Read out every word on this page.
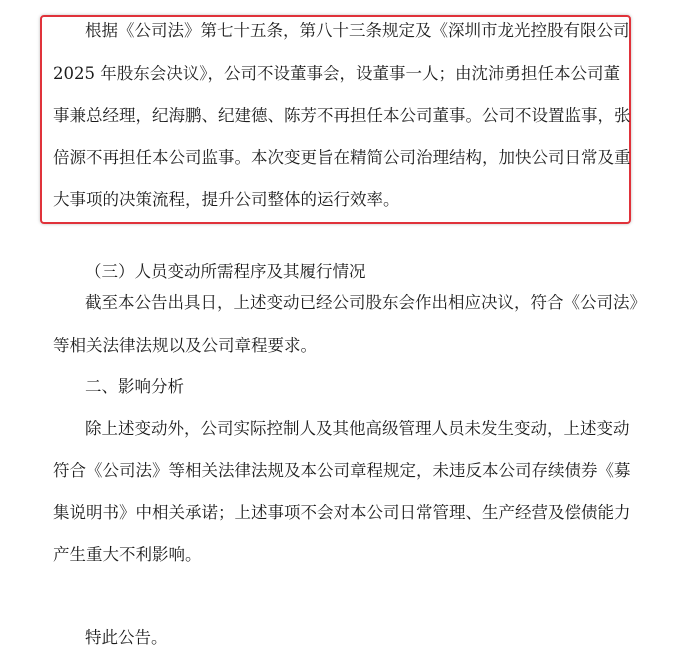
根据《公司法》第七十五条，第八十三条规定及《深圳市龙光控股有限公司
2025 年股东会决议》，公司不设董事会，设董事一人；由沈沛勇担任本公司董
事兼总经理，纪海鹏、纪建德、陈芳不再担任本公司董事。公司不设置监事，张
倍源不再担任本公司监事。本次变更旨在精简公司治理结构，加快公司日常及重
大事项的决策流程，提升公司整体的运行效率。
（三）人员变动所需程序及其履行情况
截至本公告出具日，上述变动已经公司股东会作出相应决议，符合《公司法》
等相关法律法规以及公司章程要求。
二、影响分析
除上述变动外，公司实际控制人及其他高级管理人员未发生变动，上述变动
符合《公司法》等相关法律法规及本公司章程规定，未违反本公司存续债券《募
集说明书》中相关承诺；上述事项不会对本公司日常管理、生产经营及偿债能力
产生重大不利影响。
特此公告。
